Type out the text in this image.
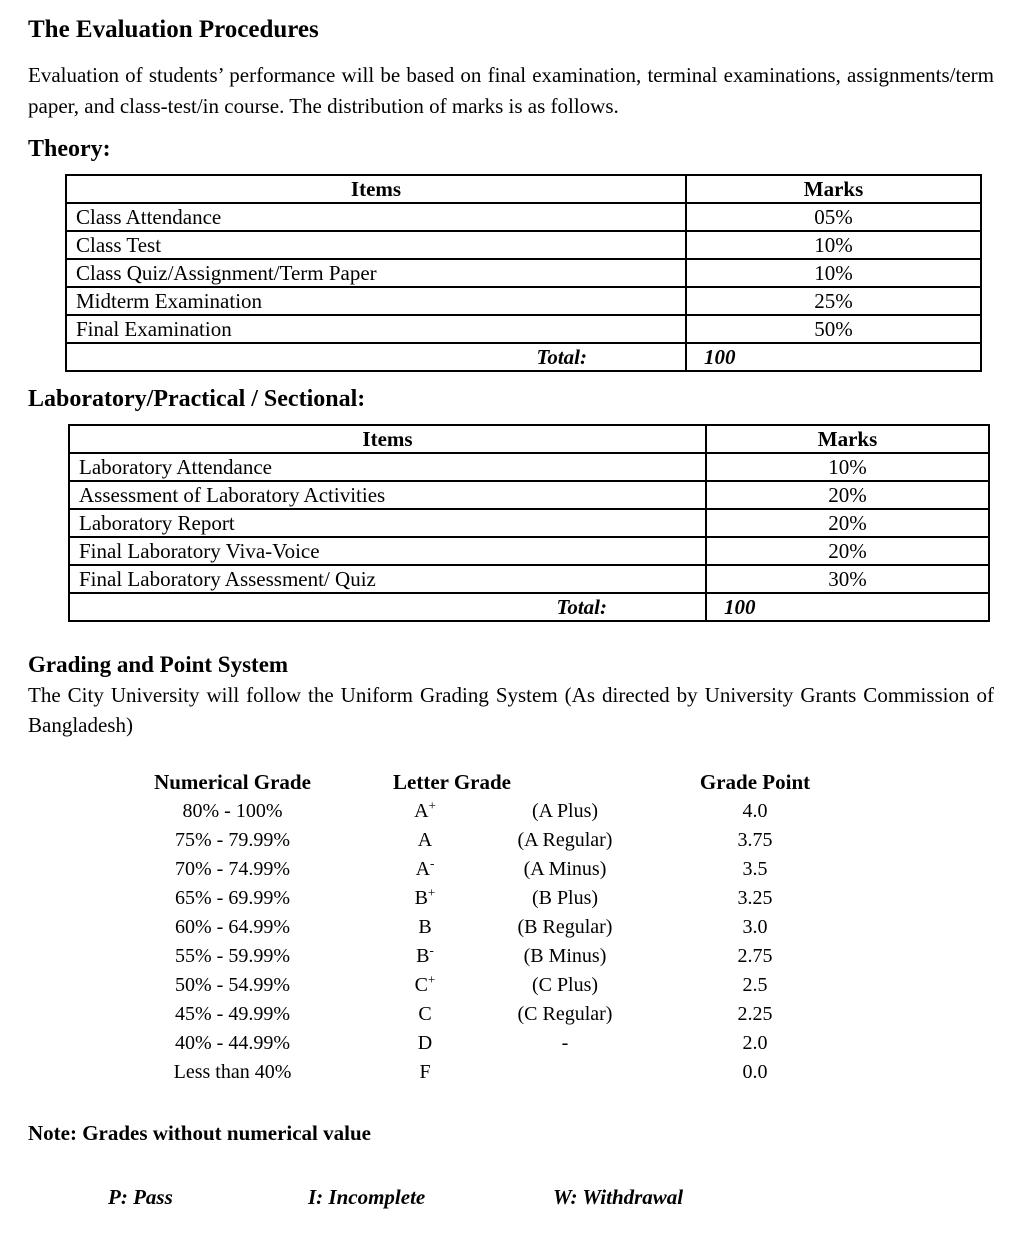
The Evaluation Procedures

Evaluation of students’ performance will be based on final examination, terminal examinations, assignments/term paper, and class-test/in course. The distribution of marks is as follows.

Theory:
Items	Marks
Class Attendance	05%
Class Test	10%
Class Quiz/Assignment/Term Paper	10%
Midterm Examination	25%
Final Examination	50%
Total:	100
Laboratory/Practical / Sectional:
Items	Marks
Laboratory Attendance	10%
Assessment of Laboratory Activities	20%
Laboratory Report	20%
Final Laboratory Viva-Voice	20%
Final Laboratory Assessment/ Quiz	30%
Total:	100
Grading and Point System

The City University will follow the Uniform Grading System (As directed by University Grants Commission of Bangladesh)

Numerical Grade	Letter Grade		Grade Point
80% - 100%	A+	(A Plus)	4.0
75% - 79.99%	A	(A Regular)	3.75
70% - 74.99%	A-	(A Minus)	3.5
65% - 69.99%	B+	(B Plus)	3.25
60% - 64.99%	B	(B Regular)	3.0
55% - 59.99%	B-	(B Minus)	2.75
50% - 54.99%	C+	(C Plus)	2.5
45% - 49.99%	C	(C Regular)	2.25
40% - 44.99%	D	-	2.0
Less than 40%	F		0.0

Note: Grades without numerical value

P: Pass	I: Incomplete	W: Withdrawal
